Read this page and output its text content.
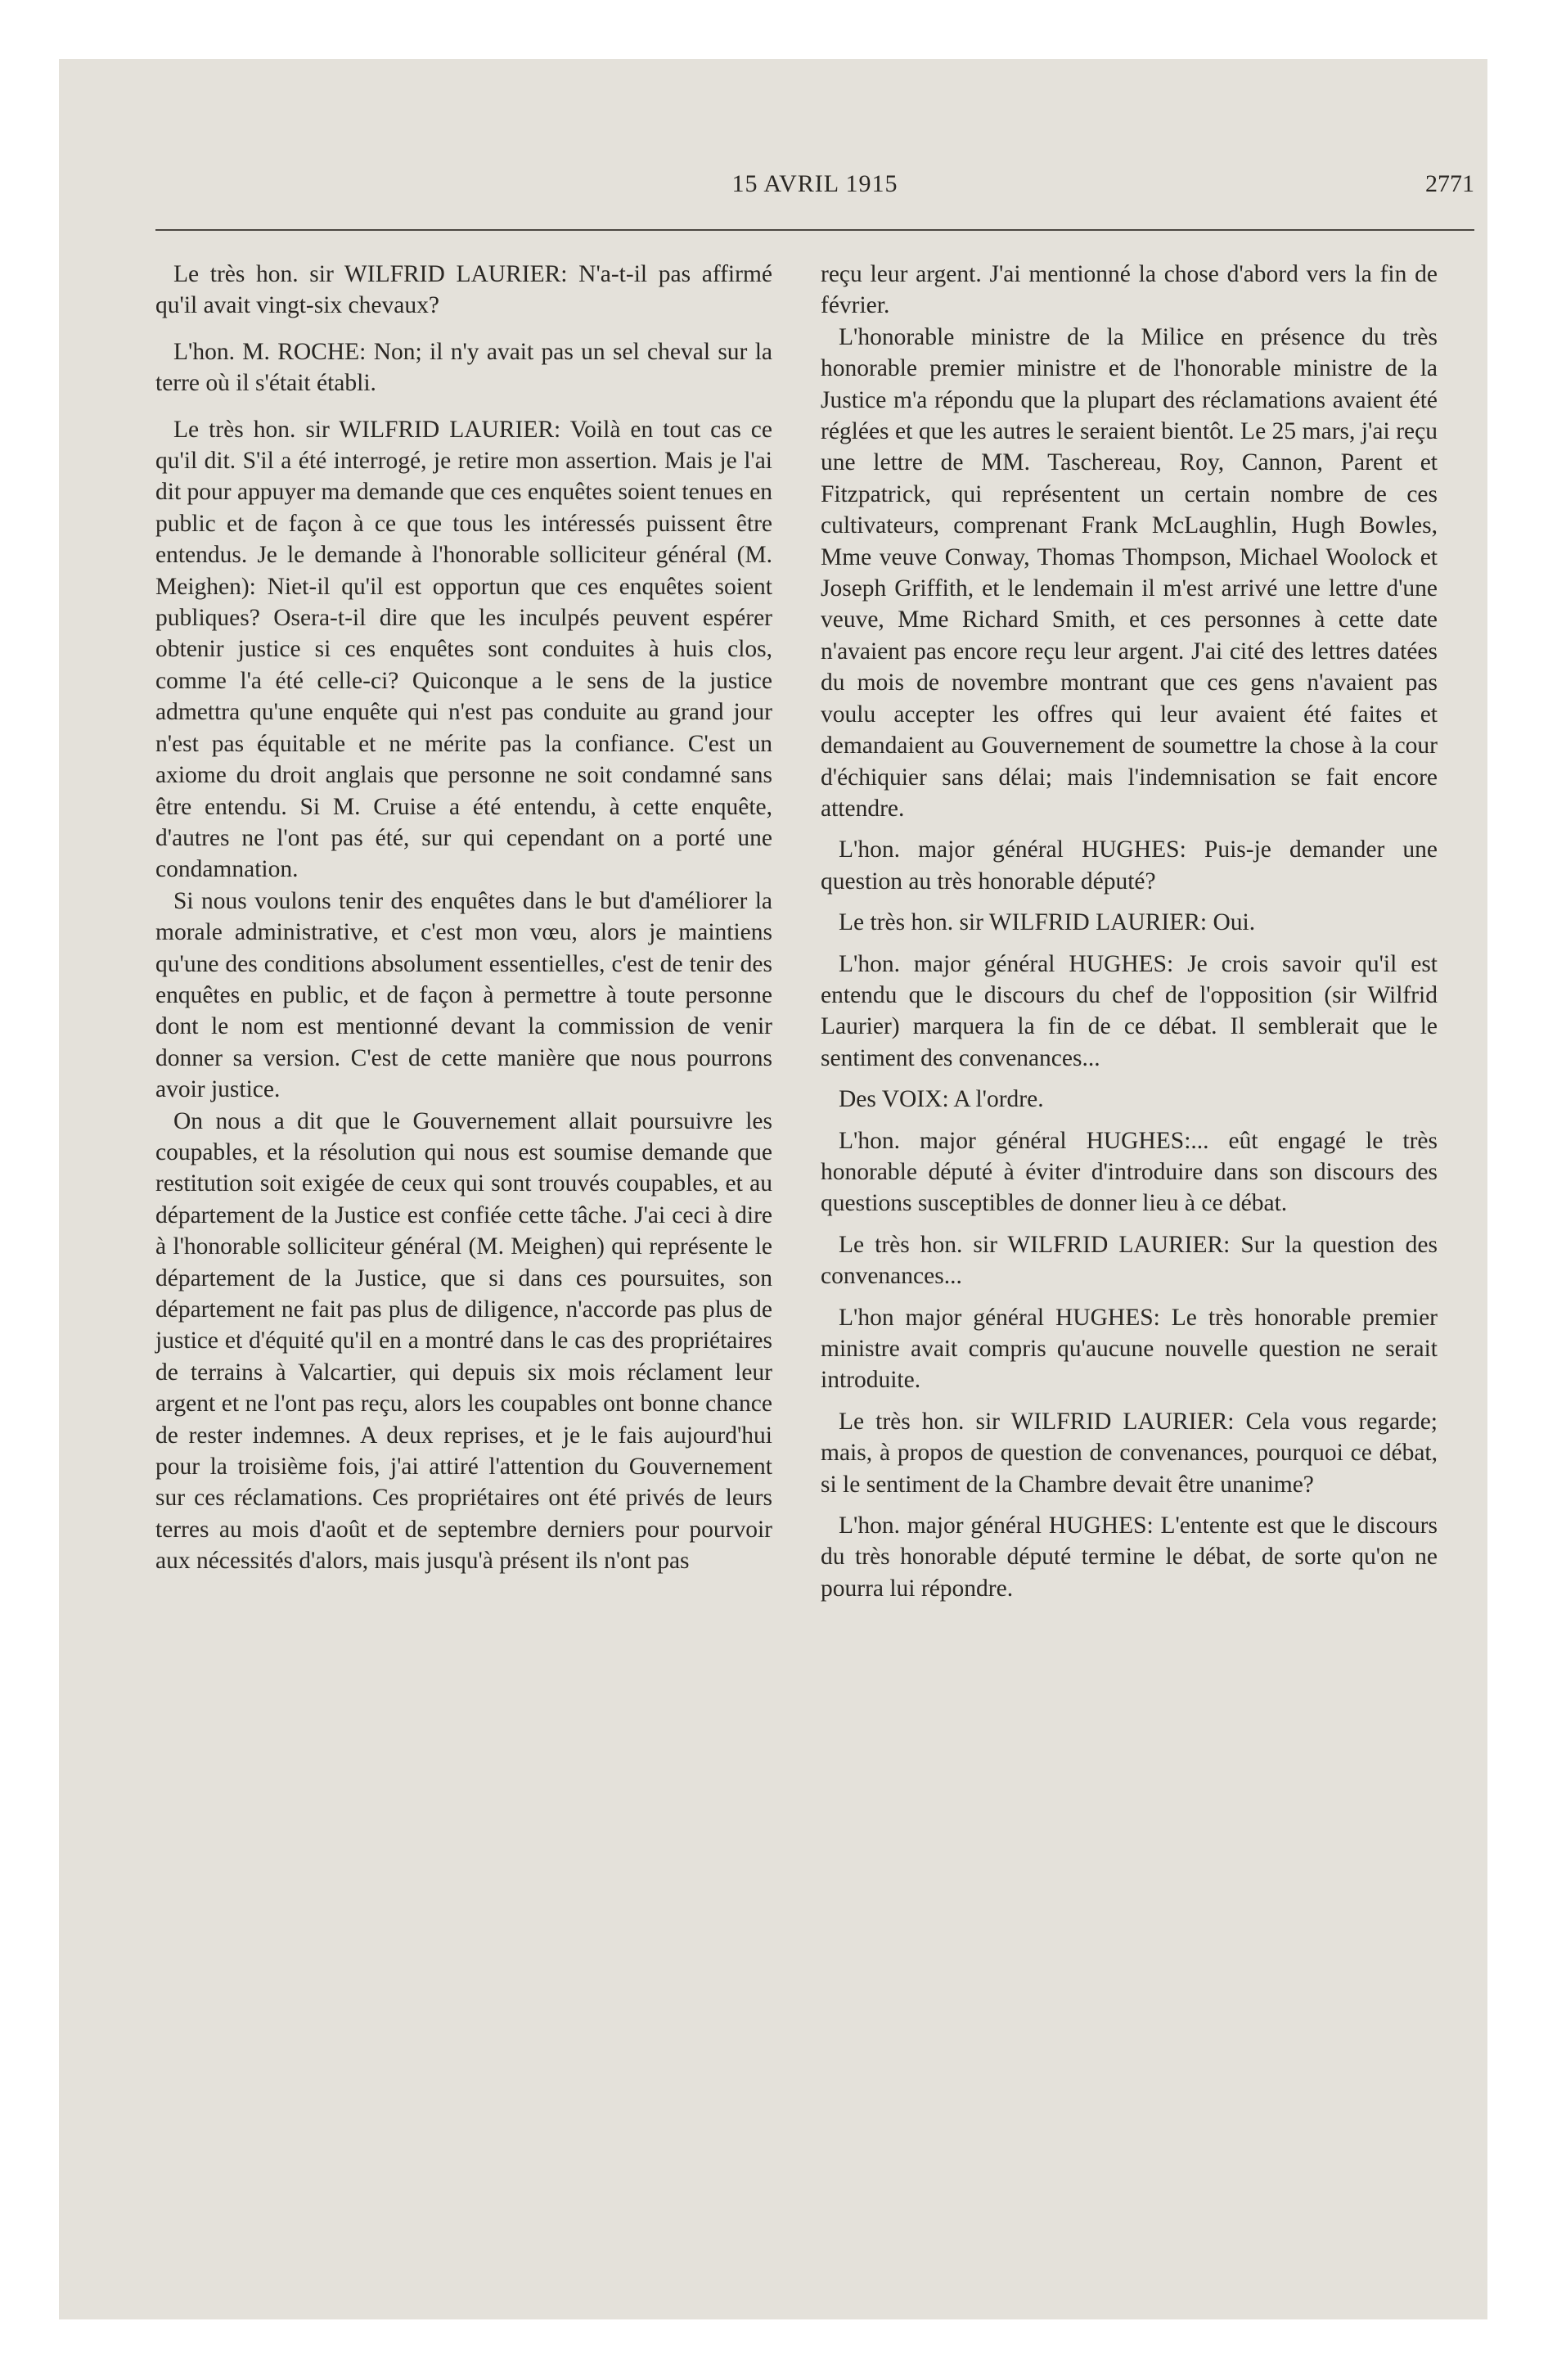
15 AVRIL 1915	2771

Le très hon. sir WILFRID LAURIER: N'a-t-il pas affirmé qu'il avait vingt-six chevaux?

L'hon. M. ROCHE: Non; il n'y avait pas un sel cheval sur la terre où il s'était établi.

Le très hon. sir WILFRID LAURIER: Voilà en tout cas ce qu'il dit. S'il a été interrogé, je retire mon assertion. Mais je l'ai dit pour appuyer ma demande que ces enquêtes soient tenues en public et de façon à ce que tous les intéressés puissent être entendus. Je le demande à l'honorable solliciteur général (M. Meighen): Niet-il qu'il est opportun que ces enquêtes soient publiques? Osera-t-il dire que les inculpés peuvent espérer obtenir justice si ces enquêtes sont conduites à huis clos, comme l'a été celle-ci? Quiconque a le sens de la justice admettra qu'une enquête qui n'est pas conduite au grand jour n'est pas équitable et ne mérite pas la confiance. C'est un axiome du droit anglais que personne ne soit condamné sans être entendu. Si M. Cruise a été entendu, à cette enquête, d'autres ne l'ont pas été, sur qui cependant on a porté une condamnation.

Si nous voulons tenir des enquêtes dans le but d'améliorer la morale administrative, et c'est mon vœu, alors je maintiens qu'une des conditions absolument essentielles, c'est de tenir des enquêtes en public, et de façon à permettre à toute personne dont le nom est mentionné devant la commission de venir donner sa version. C'est de cette manière que nous pourrons avoir justice.

On nous a dit que le Gouvernement allait poursuivre les coupables, et la résolution qui nous est soumise demande que restitution soit exigée de ceux qui sont trouvés coupables, et au département de la Justice est confiée cette tâche. J'ai ceci à dire à l'honorable solliciteur général (M. Meighen) qui représente le département de la Justice, que si dans ces poursuites, son département ne fait pas plus de diligence, n'accorde pas plus de justice et d'équité qu'il en a montré dans le cas des propriétaires de terrains à Valcartier, qui depuis six mois réclament leur argent et ne l'ont pas reçu, alors les coupables ont bonne chance de rester indemnes. A deux reprises, et je le fais aujourd'hui pour la troisième fois, j'ai attiré l'attention du Gouvernement sur ces réclamations. Ces propriétaires ont été privés de leurs terres au mois d'août et de septembre derniers pour pourvoir aux nécessités d'alors, mais jusqu'à présent ils n'ont pas

reçu leur argent. J'ai mentionné la chose d'abord vers la fin de février.

L'honorable ministre de la Milice en présence du très honorable premier ministre et de l'honorable ministre de la Justice m'a répondu que la plupart des réclamations avaient été réglées et que les autres le seraient bientôt. Le 25 mars, j'ai reçu une lettre de MM. Taschereau, Roy, Cannon, Parent et Fitzpatrick, qui représentent un certain nombre de ces cultivateurs, comprenant Frank McLaughlin, Hugh Bowles, Mme veuve Conway, Thomas Thompson, Michael Woolock et Joseph Griffith, et le lendemain il m'est arrivé une lettre d'une veuve, Mme Richard Smith, et ces personnes à cette date n'avaient pas encore reçu leur argent. J'ai cité des lettres datées du mois de novembre montrant que ces gens n'avaient pas voulu accepter les offres qui leur avaient été faites et demandaient au Gouvernement de soumettre la chose à la cour d'échiquier sans délai; mais l'indemnisation se fait encore attendre.

L'hon. major général HUGHES: Puis-je demander une question au très honorable député?

Le très hon. sir WILFRID LAURIER: Oui.

L'hon. major général HUGHES: Je crois savoir qu'il est entendu que le discours du chef de l'opposition (sir Wilfrid Laurier) marquera la fin de ce débat. Il semblerait que le sentiment des convenances...

Des VOIX: A l'ordre.

L'hon. major général HUGHES:... eût engagé le très honorable député à éviter d'introduire dans son discours des questions susceptibles de donner lieu à ce débat.

Le très hon. sir WILFRID LAURIER: Sur la question des convenances...

L'hon major général HUGHES: Le très honorable premier ministre avait compris qu'aucune nouvelle question ne serait introduite.

Le très hon. sir WILFRID LAURIER: Cela vous regarde; mais, à propos de question de convenances, pourquoi ce débat, si le sentiment de la Chambre devait être unanime?

L'hon. major général HUGHES: L'entente est que le discours du très honorable député termine le débat, de sorte qu'on ne pourra lui répondre.
